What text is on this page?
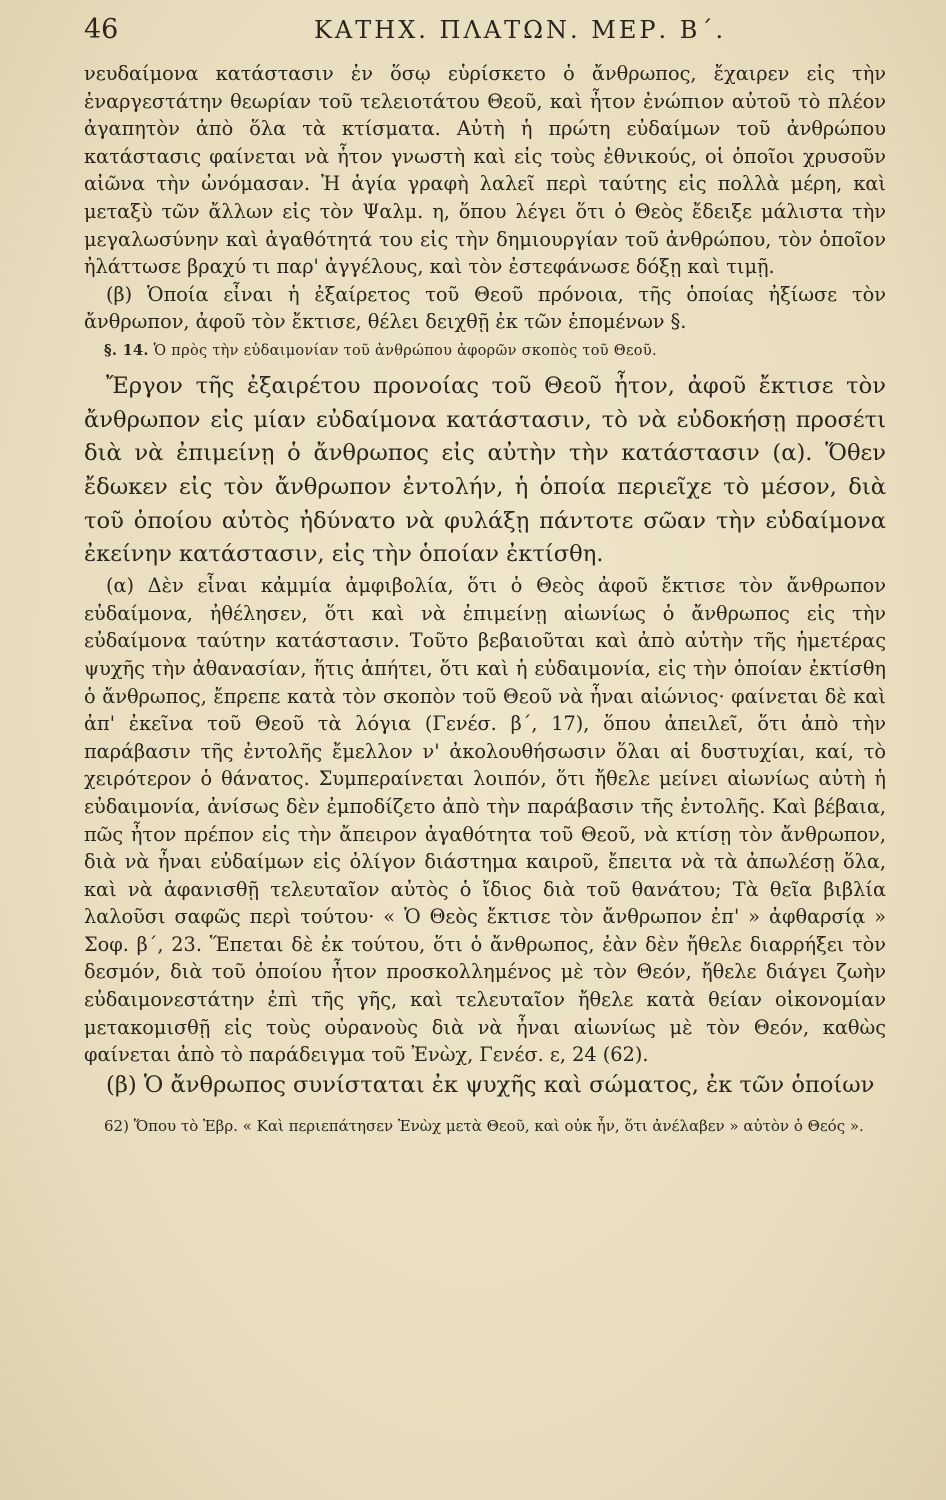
46	ΚΑΤΗΧ. ΠΛΑΤΩΝ. ΜΕΡ. Β΄.

νευδαίμονα κατάστασιν ἐν ὅσῳ εὑρίσκετο ὁ ἄνθρωπος, ἔχαιρεν εἰς τὴν ἐναργεστάτην θεωρίαν τοῦ τελειοτάτου Θεοῦ, καὶ ἦτον ἐνώπιον αὐτοῦ τὸ πλέον ἀγαπητὸν ἀπὸ ὅλα τὰ κτίσματα. Αὐτὴ ἡ πρώτη εὐδαίμων τοῦ ἀνθρώπου κατάστασις φαίνεται νὰ ἦτον γνωστὴ καὶ εἰς τοὺς ἐθνικούς, οἱ ὁποῖοι χρυσοῦν αἰῶνα τὴν ὠνόμασαν. Ἡ ἁγία γραφὴ λαλεῖ περὶ ταύτης εἰς πολλὰ μέρη, καὶ μεταξὺ τῶν ἄλλων εἰς τὸν Ψαλμ. η, ὅπου λέγει ὅτι ὁ Θεὸς ἔδειξε μάλιστα τὴν μεγαλωσύνην καὶ ἀγαθότητά του εἰς τὴν δημιουργίαν τοῦ ἀνθρώπου, τὸν ὁποῖον ἠλάττωσε βραχύ τι παρ' ἀγγέλους, καὶ τὸν ἐστεφάνωσε δόξῃ καὶ τιμῇ.

(β) Ὁποία εἶναι ἡ ἐξαίρετος τοῦ Θεοῦ πρόνοια, τῆς ὁποίας ἠξίωσε τὸν ἄνθρωπον, ἀφοῦ τὸν ἔκτισε, θέλει δειχθῇ ἐκ τῶν ἑπομένων §.

§. 14. Ὁ πρὸς τὴν εὐδαιμονίαν τοῦ ἀνθρώπου ἀφορῶν σκοπὸς τοῦ Θεοῦ.

Ἔργον τῆς ἐξαιρέτου προνοίας τοῦ Θεοῦ ἦτον, ἀφοῦ ἔκτισε τὸν ἄνθρωπον εἰς μίαν εὐδαίμονα κατάστασιν, τὸ νὰ εὐδοκήσῃ προσέτι διὰ νὰ ἐπιμείνῃ ὁ ἄνθρωπος εἰς αὐτὴν τὴν κατάστασιν (α). Ὅθεν ἔδωκεν εἰς τὸν ἄνθρωπον ἐντολήν, ἡ ὁποία περιεῖχε τὸ μέσον, διὰ τοῦ ὁποίου αὐτὸς ἠδύνατο νὰ φυλάξῃ πάντοτε σῶαν τὴν εὐδαίμονα ἐκείνην κατάστασιν, εἰς τὴν ὁποίαν ἐκτίσθη.

(α) Δὲν εἶναι κἀμμία ἀμφιβολία, ὅτι ὁ Θεὸς ἀφοῦ ἔκτισε τὸν ἄνθρωπον εὐδαίμονα, ἠθέλησεν, ὅτι καὶ νὰ ἐπιμείνῃ αἰωνίως ὁ ἄνθρωπος εἰς τὴν εὐδαίμονα ταύτην κατάστασιν. Τοῦτο βεβαιοῦται καὶ ἀπὸ αὐτὴν τῆς ἡμετέρας ψυχῆς τὴν ἀθανασίαν, ἥτις ἀπήτει, ὅτι καὶ ἡ εὐδαιμονία, εἰς τὴν ὁποίαν ἐκτίσθη ὁ ἄνθρωπος, ἔπρεπε κατὰ τὸν σκοπὸν τοῦ Θεοῦ νὰ ἦναι αἰώνιος· φαίνεται δὲ καὶ ἀπ' ἐκεῖνα τοῦ Θεοῦ τὰ λόγια (Γενέσ. β΄, 17), ὅπου ἀπειλεῖ, ὅτι ἀπὸ τὴν παράβασιν τῆς ἐντολῆς ἔμελλον ν' ἀκολουθήσωσιν ὅλαι αἱ δυστυχίαι, καί, τὸ χειρότερον ὁ θάνατος. Συμπεραίνεται λοιπόν, ὅτι ἤθελε μείνει αἰωνίως αὐτὴ ἡ εὐδαιμονία, ἀνίσως δὲν ἐμποδίζετο ἀπὸ τὴν παράβασιν τῆς ἐντολῆς. Καὶ βέβαια, πῶς ἦτον πρέπον εἰς τὴν ἄπειρον ἀγαθότητα τοῦ Θεοῦ, νὰ κτίσῃ τὸν ἄνθρωπον, διὰ νὰ ἦναι εὐδαίμων εἰς ὀλίγον διάστημα καιροῦ, ἔπειτα νὰ τὰ ἀπωλέσῃ ὅλα, καὶ νὰ ἀφανισθῇ τελευταῖον αὐτὸς ὁ ἴδιος διὰ τοῦ θανάτου; Τὰ θεῖα βιβλία λαλοῦσι σαφῶς περὶ τούτου· « Ὁ Θεὸς ἔκτισε τὸν ἄνθρωπον ἐπ' » ἀφθαρσίᾳ » Σοφ. β΄, 23. Ἕπεται δὲ ἐκ τούτου, ὅτι ὁ ἄνθρωπος, ἐὰν δὲν ἤθελε διαρρήξει τὸν δεσμόν, διὰ τοῦ ὁποίου ἦτον προσκολλημένος μὲ τὸν Θεόν, ἤθελε διάγει ζωὴν εὐδαιμονεστάτην ἐπὶ τῆς γῆς, καὶ τελευταῖον ἤθελε κατὰ θείαν οἰκονομίαν μετακομισθῇ εἰς τοὺς οὐρανοὺς διὰ νὰ ἦναι αἰωνίως μὲ τὸν Θεόν, καθὼς φαίνεται ἀπὸ τὸ παράδειγμα τοῦ Ἐνὼχ, Γενέσ. ε, 24 (62).

(β) Ὁ ἄνθρωπος συνίσταται ἐκ ψυχῆς καὶ σώματος, ἐκ τῶν ὁποίων

62) Ὅπου τὸ Ἑβρ. « Καὶ περιεπάτησεν Ἐνὼχ μετὰ Θεοῦ, καὶ οὐκ ἦν, ὅτι ἀνέλαβεν » αὐτὸν ὁ Θεός ».
